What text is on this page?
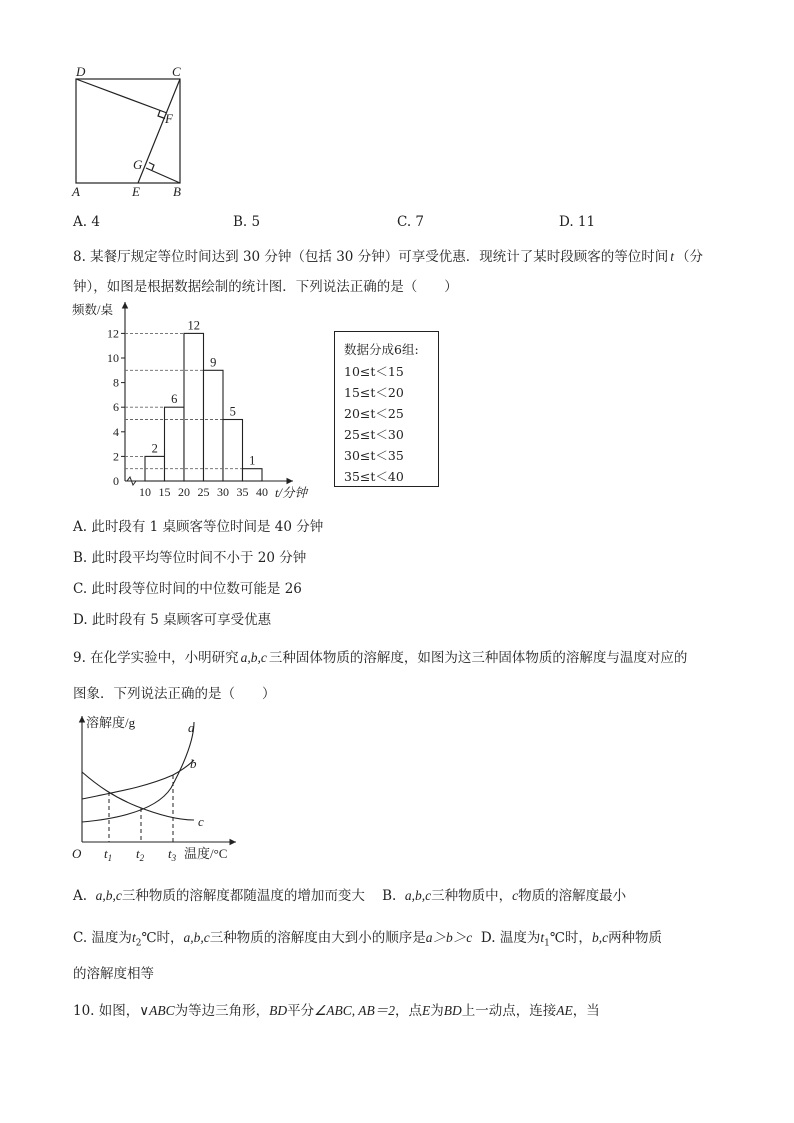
D	C
F
G
A	E	B
A. 4	B. 5	C. 7	D. 11
8. 某餐厅规定等位时间达到 30 分钟（包括 30 分钟）可享受优惠．现统计了某时段顾客的等位时间 t （分
钟），如图是根据数据绘制的统计图．下列说法正确的是（　　）
频数/桌
t/分钟
0
2
4
6
8
10
12
10 15 20 25 30 35 40
2
6
12
9
5
1
数据分成6组:
10≤t＜15
15≤t＜20
20≤t＜25
25≤t＜30
30≤t＜35
35≤t＜40
A. 此时段有 1 桌顾客等位时间是 40 分钟
B. 此时段平均等位时间不小于 20 分钟
C. 此时段等位时间的中位数可能是 26
D. 此时段有 5 桌顾客可享受优惠
9. 在化学实验中，小明研究 a,b,c 三种固体物质的溶解度，如图为这三种固体物质的溶解度与温度对应的
图象．下列说法正确的是（　　）
溶解度/g
温度/°C
O $t_1$ $t_2$ $t_3$
a
b
c
A. a,b,c三种物质的溶解度都随温度的增加而变大 B. a,b,c三种物质中，c物质的溶解度最小
C. 温度为$t_2℃$时，a,b,c三种物质的溶解度由大到小的顺序是a＞b＞c D. 温度为$t_1℃$时，b,c两种物质
的溶解度相等
10. 如图，∨ABC为等边三角形，BD平分∠ABC, AB＝2，点E为BD上一动点，连接AE，当
